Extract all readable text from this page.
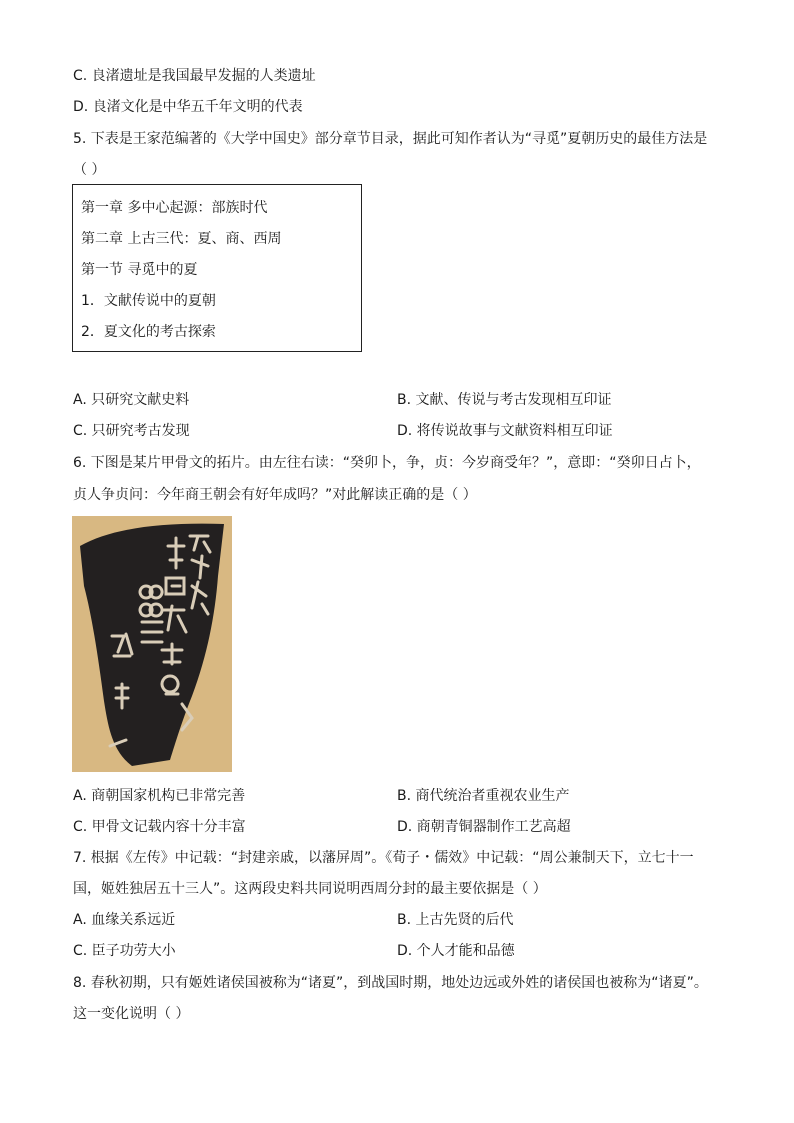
C. 良渚遗址是我国最早发掘的人类遗址
D. 良渚文化是中华五千年文明的代表
5. 下表是王家范编著的《大学中国史》部分章节目录，据此可知作者认为“寻觅”夏朝历史的最佳方法是
（ ）
第一章 多中心起源：部族时代
第二章 上古三代：夏、商、西周
第一节 寻觅中的夏
1．文献传说中的夏朝
2．夏文化的考古探索
A. 只研究文献史料	B. 文献、传说与考古发现相互印证
C. 只研究考古发现	D. 将传说故事与文献资料相互印证
6. 下图是某片甲骨文的拓片。由左往右读：“癸卯卜，争，贞：今岁商受年？”，意即：“癸卯日占卜，
贞人争贞问：今年商王朝会有好年成吗？”对此解读正确的是（ ）
A. 商朝国家机构已非常完善	B. 商代统治者重视农业生产
C. 甲骨文记载内容十分丰富	D. 商朝青铜器制作工艺高超
7. 根据《左传》中记载：“封建亲戚，以藩屏周”。《荀子・儒效》中记载：“周公兼制天下，立七十一
国，姬姓独居五十三人”。这两段史料共同说明西周分封的最主要依据是（ ）
A. 血缘关系远近	B. 上古先贤的后代
C. 臣子功劳大小	D. 个人才能和品德
8. 春秋初期，只有姬姓诸侯国被称为“诸夏”，到战国时期，地处边远或外姓的诸侯国也被称为“诸夏”。
这一变化说明（ ）
